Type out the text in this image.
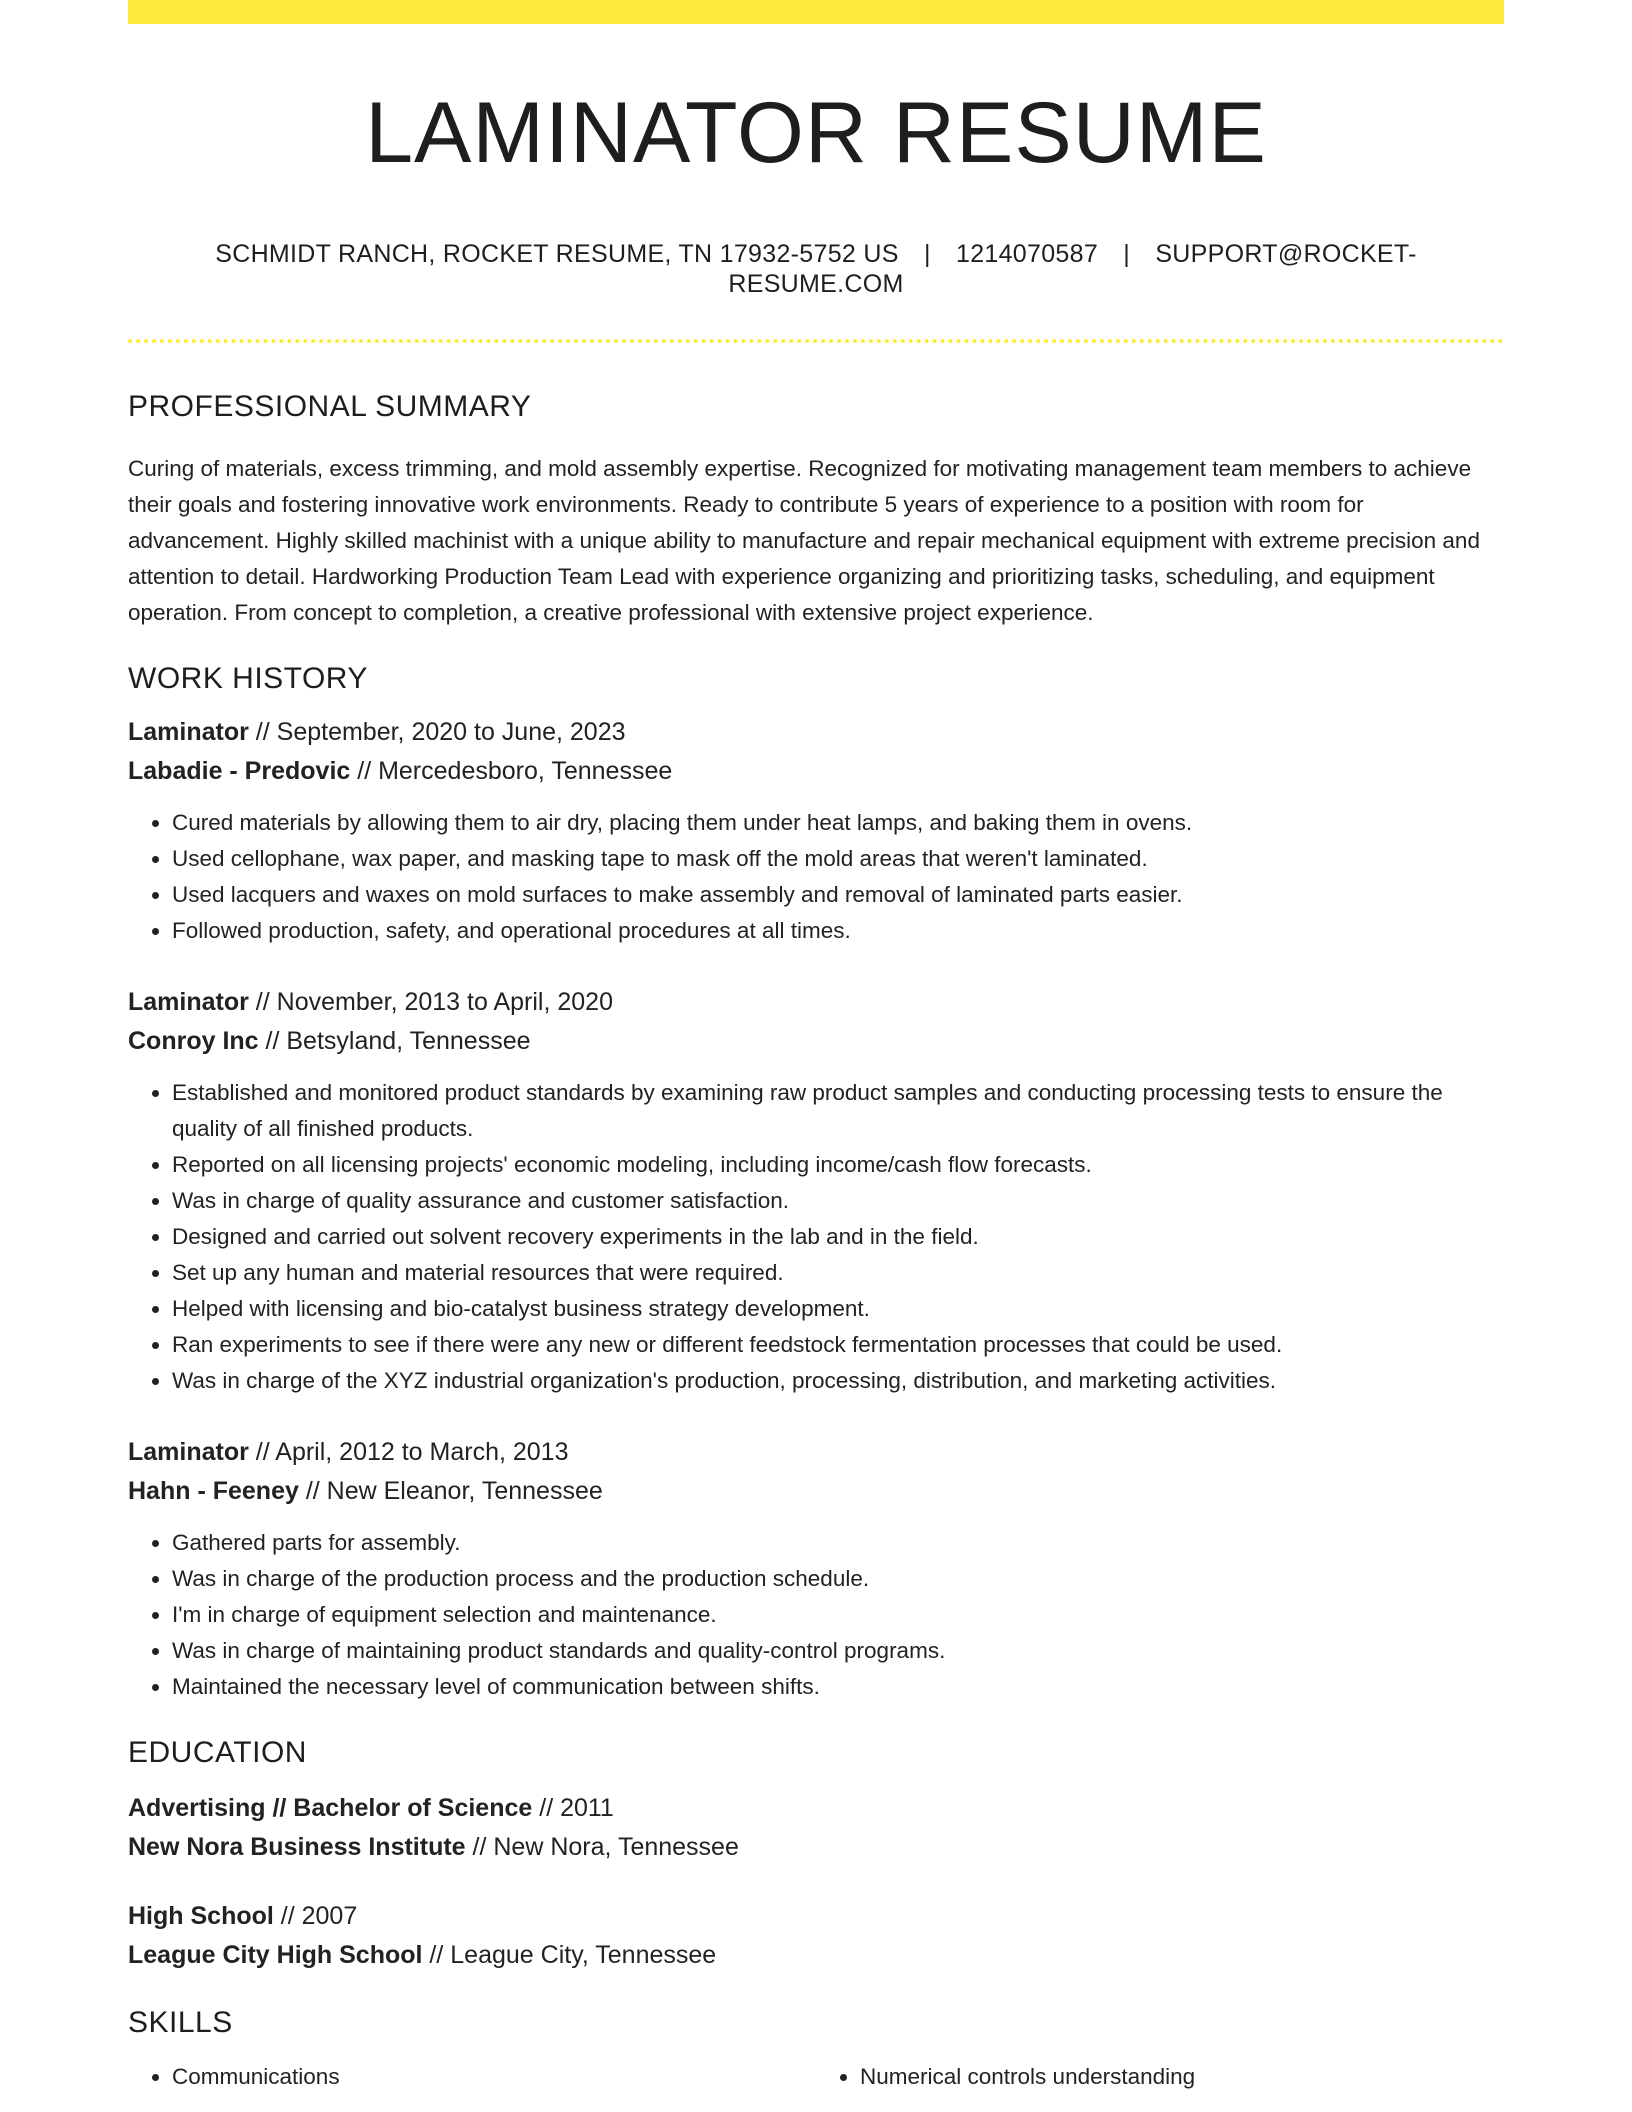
LAMINATOR RESUME
SCHMIDT RANCH, ROCKET RESUME, TN 17932-5752 US | 1214070587 | SUPPORT@ROCKET-RESUME.COM
PROFESSIONAL SUMMARY

Curing of materials, excess trimming, and mold assembly expertise. Recognized for motivating management team members to achieve their goals and fostering innovative work environments. Ready to contribute 5 years of experience to a position with room for advancement. Highly skilled machinist with a unique ability to manufacture and repair mechanical equipment with extreme precision and attention to detail. Hardworking Production Team Lead with experience organizing and prioritizing tasks, scheduling, and equipment operation. From concept to completion, a creative professional with extensive project experience.

WORK HISTORY

Laminator // September, 2020 to June, 2023

Labadie - Predovic // Mercedesboro, Tennessee

• Cured materials by allowing them to air dry, placing them under heat lamps, and baking them in ovens.
• Used cellophane, wax paper, and masking tape to mask off the mold areas that weren't laminated.
• Used lacquers and waxes on mold surfaces to make assembly and removal of laminated parts easier.
• Followed production, safety, and operational procedures at all times.

Laminator // November, 2013 to April, 2020

Conroy Inc // Betsyland, Tennessee

• Established and monitored product standards by examining raw product samples and conducting processing tests to ensure the quality of all finished products.
• Reported on all licensing projects' economic modeling, including income/cash flow forecasts.
• Was in charge of quality assurance and customer satisfaction.
• Designed and carried out solvent recovery experiments in the lab and in the field.
• Set up any human and material resources that were required.
• Helped with licensing and bio-catalyst business strategy development.
• Ran experiments to see if there were any new or different feedstock fermentation processes that could be used.
• Was in charge of the XYZ industrial organization's production, processing, distribution, and marketing activities.

Laminator // April, 2012 to March, 2013

Hahn - Feeney // New Eleanor, Tennessee

• Gathered parts for assembly.
• Was in charge of the production process and the production schedule.
• I'm in charge of equipment selection and maintenance.
• Was in charge of maintaining product standards and quality-control programs.
• Maintained the necessary level of communication between shifts.
EDUCATION

Advertising // Bachelor of Science // 2011

New Nora Business Institute // New Nora, Tennessee

High School // 2007

League City High School // League City, Tennessee

SKILLS
• Communications
•	Numerical controls understanding
